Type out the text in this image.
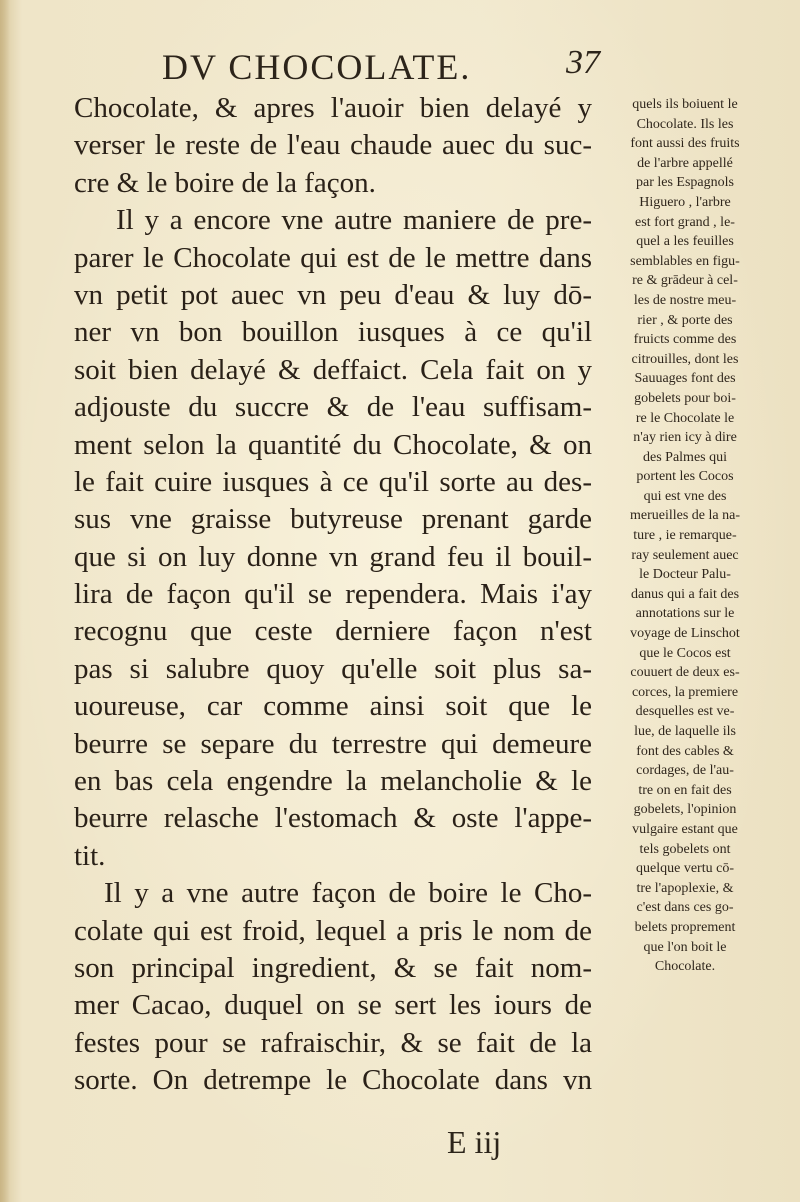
DV CHOCOLATE.	37
Chocolate, & apres l'auoir bien delayé y
verser le reste de l'eau chaude auec du suc-
cre & le boire de la façon.
Il y a encore vne autre maniere de pre-
parer le Chocolate qui est de le mettre dans
vn petit pot auec vn peu d'eau & luy dō-
ner vn bon bouillon iusques à ce qu'il
soit bien delayé & deffaict. Cela fait on y
adjouste du succre & de l'eau suffisam-
ment selon la quantité du Chocolate, & on
le fait cuire iusques à ce qu'il sorte au des-
sus vne graisse butyreuse prenant garde
que si on luy donne vn grand feu il bouil-
lira de façon qu'il se rependera. Mais i'ay
recognu que ceste derniere façon n'est
pas si salubre quoy qu'elle soit plus sa-
uoureuse, car comme ainsi soit que le
beurre se separe du terrestre qui demeure
en bas cela engendre la melancholie & le
beurre relasche l'estomach & oste l'appe-
tit.
Il y a vne autre façon de boire le Cho-
colate qui est froid, lequel a pris le nom de
son principal ingredient, & se fait nom-
mer Cacao, duquel on se sert les iours de
festes pour se rafraischir, & se fait de la
sorte. On detrempe le Chocolate dans vn
quels ils boiuent le
Chocolate. Ils les
font aussi des fruits
de l'arbre appellé
par les Espagnols
Higuero , l'arbre
est fort grand , le-
quel a les feuilles
semblables en figu-
re & grādeur à cel-
les de nostre meu-
rier , & porte des
fruicts comme des
citrouilles, dont les
Sauuages font des
gobelets pour boi-
re le Chocolate le
n'ay rien icy à dire
des Palmes qui
portent les Cocos
qui est vne des
merueilles de la na-
ture , ie remarque-
ray seulement auec
le Docteur Palu-
danus qui a fait des
annotations sur le
voyage de Linschot
que le Cocos est
couuert de deux es-
corces, la premiere
desquelles est ve-
lue, de laquelle ils
font des cables &
cordages, de l'au-
tre on en fait des
gobelets, l'opinion
vulgaire estant que
tels gobelets ont
quelque vertu cō-
tre l'apoplexie, &
c'est dans ces go-
belets proprement
que l'on boit le
Chocolate.
E iij
